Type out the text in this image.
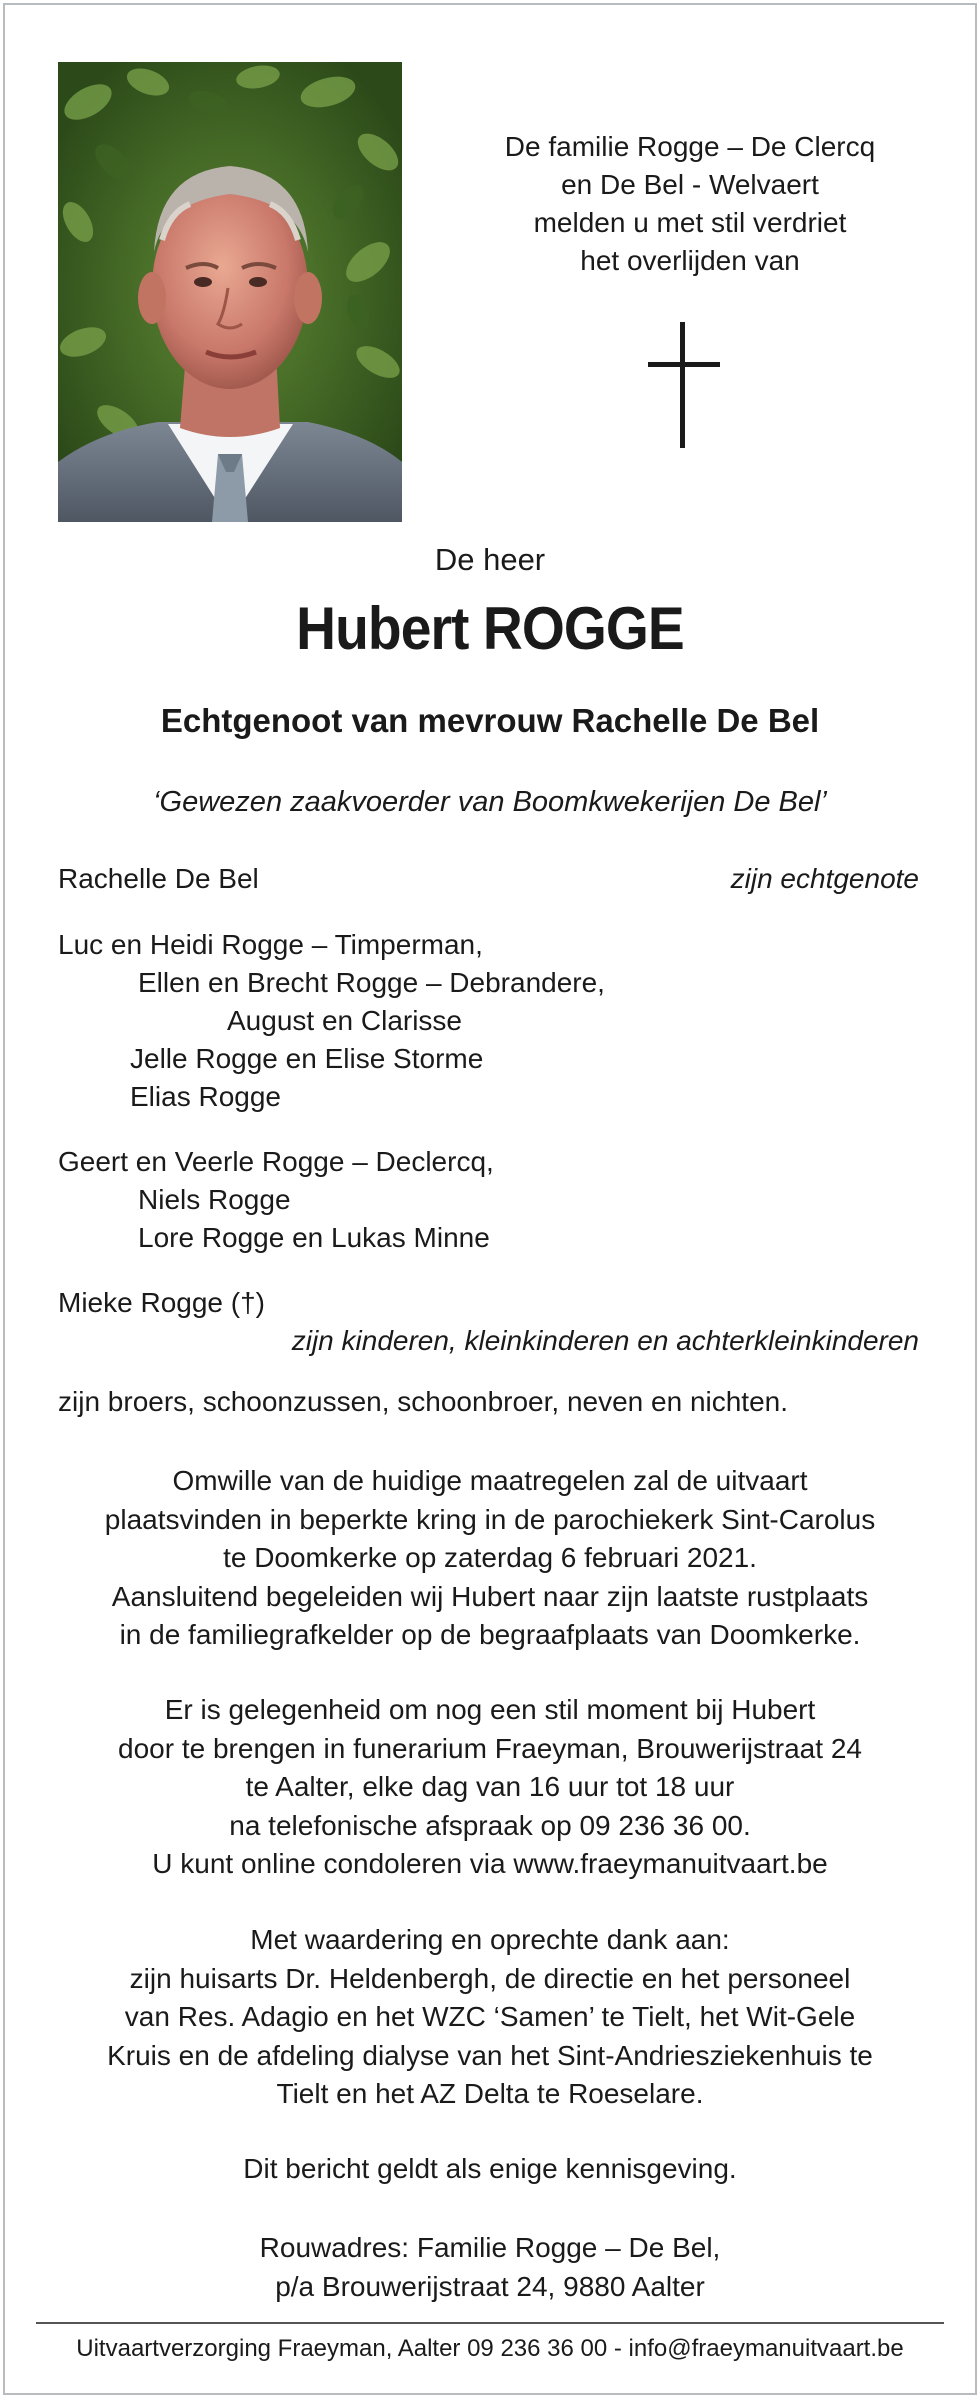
De familie Rogge – De Clercq
en De Bel - Welvaert
melden u met stil verdriet
het overlijden van
De heer
Hubert ROGGE
Echtgenoot van mevrouw Rachelle De Bel
‘Gewezen zaakvoerder van Boomkwekerijen De Bel’
Rachelle De Bel	zijn echtgenote
Luc en Heidi Rogge – Timperman,
Ellen en Brecht Rogge – Debrandere,
August en Clarisse
Jelle Rogge en Elise Storme
Elias Rogge
Geert en Veerle Rogge – Declercq,
Niels Rogge
Lore Rogge en Lukas Minne
Mieke Rogge (†)
zijn kinderen, kleinkinderen en achterkleinkinderen
zijn broers, schoonzussen, schoonbroer, neven en nichten.
Omwille van de huidige maatregelen zal de uitvaart
plaatsvinden in beperkte kring in de parochiekerk Sint-Carolus
te Doomkerke op zaterdag 6 februari 2021.
Aansluitend begeleiden wij Hubert naar zijn laatste rustplaats
in de familiegrafkelder op de begraafplaats van Doomkerke.
Er is gelegenheid om nog een stil moment bij Hubert
door te brengen in funerarium Fraeyman, Brouwerijstraat 24
te Aalter, elke dag van 16 uur tot 18 uur
na telefonische afspraak op 09 236 36 00.
U kunt online condoleren via www.fraeymanuitvaart.be
Met waardering en oprechte dank aan:
zijn huisarts Dr. Heldenbergh, de directie en het personeel
van Res. Adagio en het WZC ‘Samen’ te Tielt, het Wit-Gele
Kruis en de afdeling dialyse van het Sint-Andriesziekenhuis te
Tielt en het AZ Delta te Roeselare.
Dit bericht geldt als enige kennisgeving.
Rouwadres: Familie Rogge – De Bel,
p/a Brouwerijstraat 24, 9880 Aalter
Uitvaartverzorging Fraeyman, Aalter 09 236 36 00 - info@fraeymanuitvaart.be
